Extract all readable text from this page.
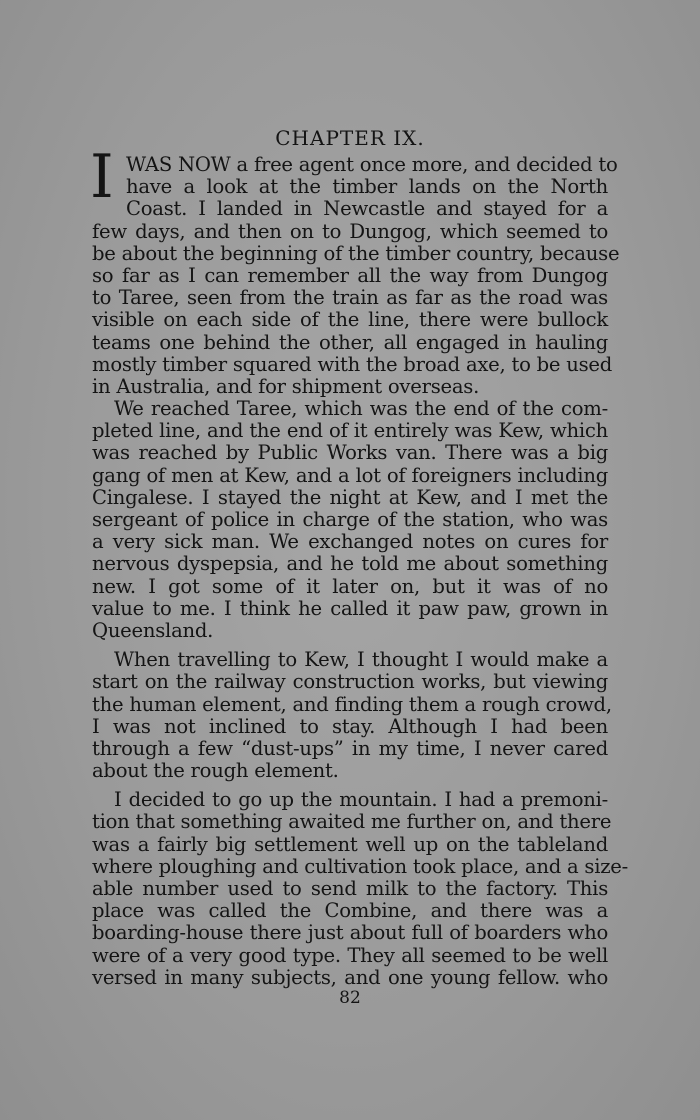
CHAPTER IX.
I WAS NOW a free agent once more, and decided to
have a look at the timber lands on the North
Coast. I landed in Newcastle and stayed for a
few days, and then on to Dungog, which seemed to
be about the beginning of the timber country, because
so far as I can remember all the way from Dungog
to Taree, seen from the train as far as the road was
visible on each side of the line, there were bullock
teams one behind the other, all engaged in hauling
mostly timber squared with the broad axe, to be used
in Australia, and for shipment overseas.
We reached Taree, which was the end of the com-
pleted line, and the end of it entirely was Kew, which
was reached by Public Works van. There was a big
gang of men at Kew, and a lot of foreigners including
Cingalese. I stayed the night at Kew, and I met the
sergeant of police in charge of the station, who was
a very sick man. We exchanged notes on cures for
nervous dyspepsia, and he told me about something
new. I got some of it later on, but it was of no
value to me. I think he called it paw paw, grown in
Queensland.
When travelling to Kew, I thought I would make a
start on the railway construction works, but viewing
the human element, and finding them a rough crowd,
I was not inclined to stay. Although I had been
through a few “dust-ups” in my time, I never cared
about the rough element.
I decided to go up the mountain. I had a premoni-
tion that something awaited me further on, and there
was a fairly big settlement well up on the tableland
where ploughing and cultivation took place, and a size-
able number used to send milk to the factory. This
place was called the Combine, and there was a
boarding-house there just about full of boarders who
were of a very good type. They all seemed to be well
versed in many subjects, and one young fellow. who
82
